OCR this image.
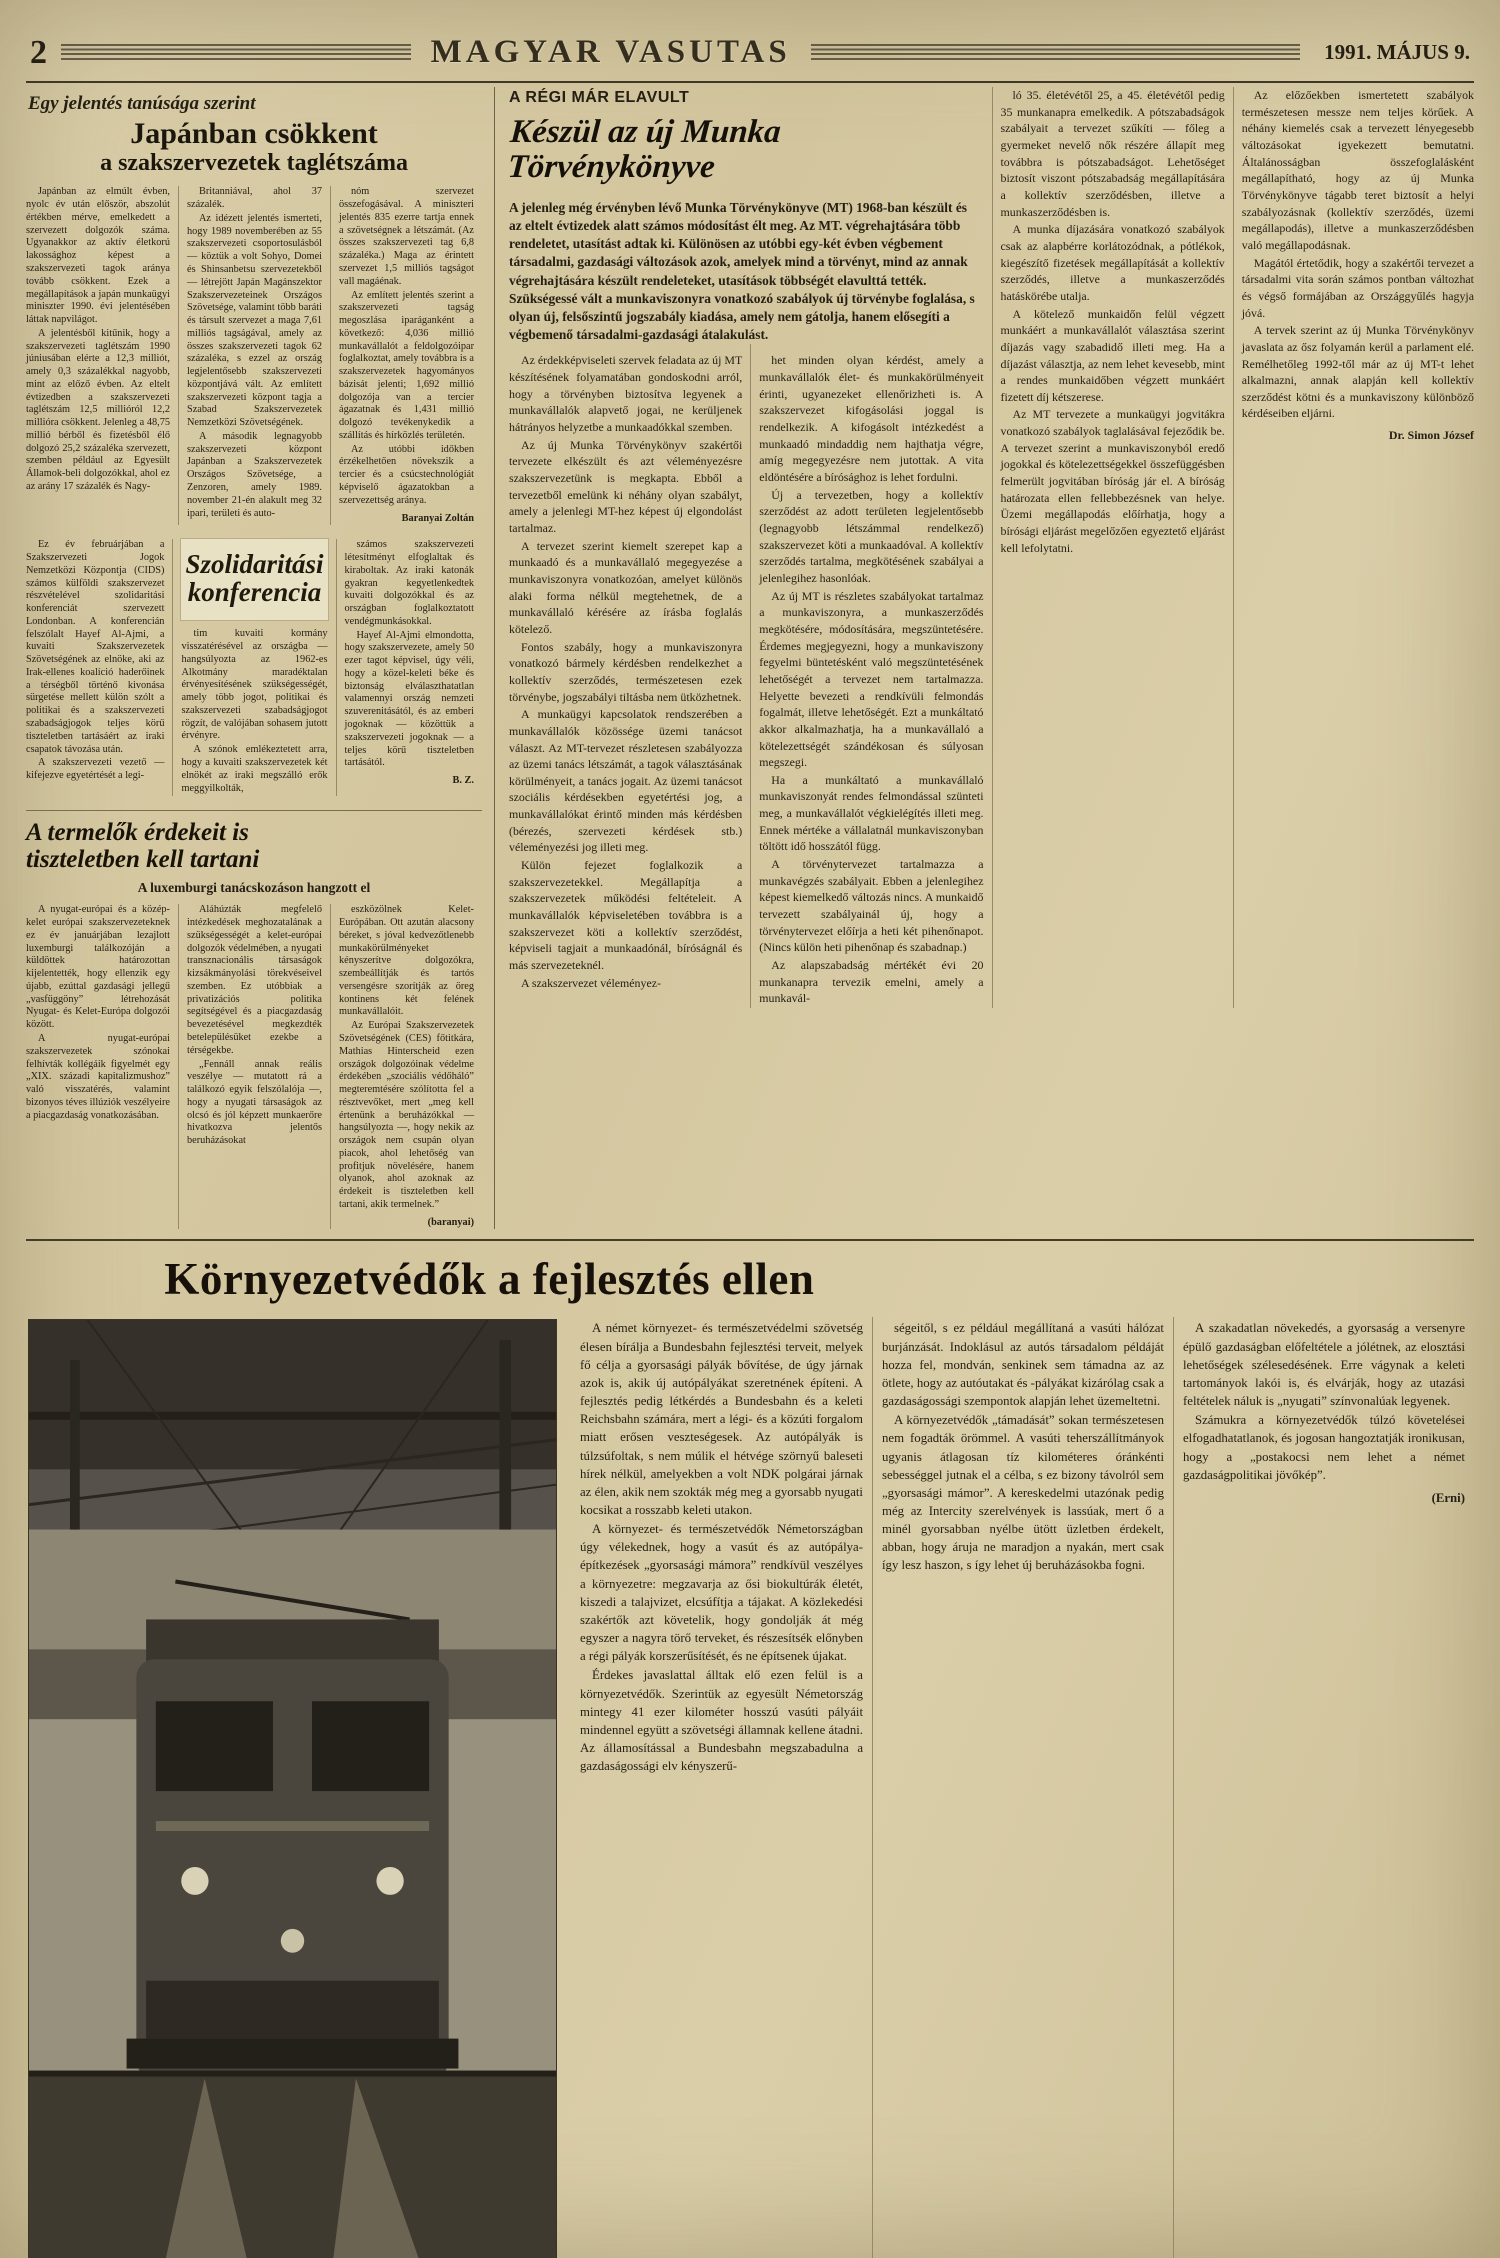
2	MAGYAR VASUTAS	1991. MÁJUS 9.
Egy jelentés tanúsága szerint
Japánban csökkent
a szakszervezetek taglétszáma

Japánban az elmúlt évben, nyolc év után először, abszolút értékben mérve, emelkedett a szervezett dolgozók száma. Ugyanakkor az aktív életkorú lakossághoz képest a szakszervezeti tagok aránya tovább csökkent. Ezek a megállapítások a japán munkaügyi miniszter 1990. évi jelentésében láttak napvilágot.

A jelentésből kitűnik, hogy a szakszervezeti taglétszám 1990 júniusában elérte a 12,3 milliót, amely 0,3 százalékkal nagyobb, mint az előző évben. Az eltelt évtizedben a szakszervezeti taglétszám 12,5 millióról 12,2 millióra csökkent. Jelenleg a 48,75 millió bérből és fizetésből élő dolgozó 25,2 százaléka szervezett, szemben például az Egyesült Államok-beli dolgozókkal, ahol ez az arány 17 százalék és Nagy-

Britanniával, ahol 37 százalék.

Az idézett jelentés ismerteti, hogy 1989 novemberében az 55 szakszervezeti csoportosulásból — köztük a volt Sohyo, Domei és Shinsanbetsu szervezetekből — létrejött Japán Magánszektor Szakszervezeteinek Országos Szövetsége, valamint több baráti és társult szervezet a maga 7,61 milliós tagságával, amely az összes szakszervezeti tagok 62 százaléka, s ezzel az ország legjelentősebb szakszervezeti központjává vált. Az említett szakszervezeti központ tagja a Szabad Szakszervezetek Nemzetközi Szövetségének.

A második legnagyobb szakszervezeti központ Japánban a Szakszervezetek Országos Szövetsége, a Zenzoren, amely 1989. november 21-én alakult meg 32 ipari, területi és auto-

nóm szervezet összefogásával. A miniszteri jelentés 835 ezerre tartja ennek a szövetségnek a létszámát. (Az összes szakszervezeti tag 6,8 százaléka.) Maga az érintett szervezet 1,5 milliós tagságot vall magáénak.

Az említett jelentés szerint a szakszervezeti tagság megoszlása iparáganként a következő: 4,036 millió munkavállalót a feldolgozóipar foglalkoztat, amely továbbra is a szakszervezetek hagyományos bázisát jelenti; 1,692 millió dolgozója van a tercier ágazatnak és 1,431 millió dolgozó tevékenykedik a szállítás és hírközlés területén.

Az utóbbi időkben érzékelhetően növekszik a tercier és a csúcstechnológiát képviselő ágazatokban a szervezettség aránya.

Baranyai Zoltán

Ez év februárjában a Szakszervezeti Jogok Nemzetközi Központja (CIDS) számos külföldi szakszervezet részvételével szolidaritási konferenciát szervezett Londonban. A konferencián felszólalt Hayef Al-Ajmi, a kuvaiti Szakszervezetek Szövetségének az elnöke, aki az Irak-ellenes koalíció haderőinek a térségből történő kivonása sürgetése mellett külön szólt a politikai és a szakszervezeti szabadságjogok teljes körű tiszteletben tartásáért az iraki csapatok távozása után.

A szakszervezeti vezető — kifejezve egyetértését a legi-

Szolidaritási
konferencia

tim kuvaiti kormány visszatérésével az országba — hangsúlyozta az 1962-es Alkotmány maradéktalan érvényesítésének szükségességét, amely több jogot, politikai és szakszervezeti szabadságjogot rögzít, de valójában sohasem jutott érvényre.

A szónok emlékeztetett arra, hogy a kuvaiti szakszervezetek két elnökét az iraki megszálló erők meggyilkolták,

számos szakszervezeti létesítményt elfoglaltak és kiraboltak. Az iraki katonák gyakran kegyetlenkedtek kuvaiti dolgozókkal és az országban foglalkoztatott vendégmunkásokkal.

Hayef Al-Ajmi elmondotta, hogy szakszervezete, amely 50 ezer tagot képvisel, úgy véli, hogy a közel-keleti béke és biztonság elválaszthatatlan valamennyi ország nemzeti szuverenitásától, és az emberi jogoknak — közöttük a szakszervezeti jogoknak — a teljes körű tiszteletben tartásától.

B. Z.
A termelők érdekeit is
tiszteletben kell tartani
A luxemburgi tanácskozáson hangzott el

A nyugat-európai és a közép-kelet európai szakszervezeteknek ez év januárjában lezajlott luxemburgi találkozóján a küldöttek határozottan kijelentették, hogy ellenzik egy újabb, ezúttal gazdasági jellegű „vasfüggöny” létrehozását Nyugat- és Kelet-Európa dolgozói között.

A nyugat-európai szakszervezetek szónokai felhívták kollégáik figyelmét egy „XIX. századi kapitalizmushoz” való visszatérés, valamint bizonyos téves illúziók veszélyeire a piacgazdaság vonatkozásában.

Aláhúzták megfelelő intézkedések meghozatalának a szükségességét a kelet-európai dolgozók védelmében, a nyugati transznacionális társaságok kizsákmányolási törekvéseivel szemben. Ez utóbbiak a privatizációs politika segítségével és a piacgazdaság bevezetésével megkezdték betelepülésüket ezekbe a térségekbe.

„Fennáll annak reális veszélye — mutatott rá a találkozó egyik felszólalója —, hogy a nyugati társaságok az olcsó és jól képzett munkaerőre hivatkozva jelentős beruházásokat

eszközölnek Kelet-Európában. Ott azután alacsony béreket, s jóval kedvezőtlenebb munkakörülményeket kényszerítve dolgozókra, szembeállítják és tartós versengésre szorítják az öreg kontinens két felének munkavállalóit.

Az Európai Szakszervezetek Szövetségének (CES) főtitkára, Mathias Hinterscheid ezen országok dolgozóinak védelme érdekében „szociális védőháló” megteremtésére szólította fel a résztvevőket, mert „meg kell értenünk a beruházókkal — hangsúlyozta —, hogy nekik az országok nem csupán olyan piacok, ahol lehetőség van profitjuk növelésére, hanem olyanok, ahol azoknak az érdekeit is tiszteletben kell tartani, akik termelnek.”

(baranyai)
A RÉGI MÁR ELAVULT
Készül az új Munka Törvénykönyve
A jelenleg még érvényben lévő Munka Törvénykönyve (MT) 1968-ban készült és az eltelt évtizedek alatt számos módosítást élt meg. Az MT. végrehajtására több rendeletet, utasítást adtak ki. Különösen az utóbbi egy-két évben végbement társadalmi, gazdasági változások azok, amelyek mind a törvényt, mind az annak végrehajtására készült rendeleteket, utasítások többségét elavulttá tették. Szükségessé vált a munkaviszonyra vonatkozó szabályok új törvénybe foglalása, s olyan új, felsőszintű jogszabály kiadása, amely nem gátolja, hanem elősegíti a végbemenő társadalmi-gazdasági átalakulást.

Az érdekképviseleti szervek feladata az új MT készítésének folyamatában gondoskodni arról, hogy a törvényben biztosítva legyenek a munkavállalók alapvető jogai, ne kerüljenek hátrányos helyzetbe a munkaadókkal szemben.

Az új Munka Törvénykönyv szakértői tervezete elkészült és azt véleményezésre szakszervezetünk is megkapta. Ebből a tervezetből emelünk ki néhány olyan szabályt, amely a jelenlegi MT-hez képest új elgondolást tartalmaz.

A tervezet szerint kiemelt szerepet kap a munkaadó és a munkavállaló megegyezése a munkaviszonyra vonatkozóan, amelyet különös alaki forma nélkül megtehetnek, de a munkavállaló kérésére az írásba foglalás kötelező.

Fontos szabály, hogy a munkaviszonyra vonatkozó bármely kérdésben rendelkezhet a kollektív szerződés, természetesen ezek törvénybe, jogszabályi tiltásba nem ütközhetnek.

A munkaügyi kapcsolatok rendszerében a munkavállalók közössége üzemi tanácsot választ. Az MT-tervezet részletesen szabályozza az üzemi tanács létszámát, a tagok választásának körülményeit, a tanács jogait. Az üzemi tanácsot szociális kérdésekben egyetértési jog, a munkavállalókat érintő minden más kérdésben (bérezés, szervezeti kérdések stb.) véleményezési jog illeti meg.

Külön fejezet foglalkozik a szakszervezetekkel. Megállapítja a szakszervezetek működési feltételeit. A munkavállalók képviseletében továbbra is a szakszervezet köti a kollektív szerződést, képviseli tagjait a munkaadónál, bíróságnál és más szervezeteknél.

A szakszervezet véleményez-

het minden olyan kérdést, amely a munkavállalók élet- és munkakörülményeit érinti, ugyanezeket ellenőrizheti is. A szakszervezet kifogásolási joggal is rendelkezik. A kifogásolt intézkedést a munkaadó mindaddig nem hajthatja végre, amíg megegyezésre nem jutottak. A vita eldöntésére a bírósághoz is lehet fordulni.

Új a tervezetben, hogy a kollektív szerződést az adott területen legjelentősebb (legnagyobb létszámmal rendelkező) szakszervezet köti a munkaadóval. A kollektív szerződés tartalma, megkötésének szabályai a jelenlegihez hasonlóak.

Az új MT is részletes szabályokat tartalmaz a munkaviszonyra, a munkaszerződés megkötésére, módosítására, megszüntetésére. Érdemes megjegyezni, hogy a munkaviszony fegyelmi büntetésként való megszüntetésének lehetőségét a tervezet nem tartalmazza. Helyette bevezeti a rendkívüli felmondás fogalmát, illetve lehetőségét. Ezt a munkáltató akkor alkalmazhatja, ha a munkavállaló a kötelezettségét szándékosan és súlyosan megszegi.

Ha a munkáltató a munkavállaló munkaviszonyát rendes felmondással szünteti meg, a munkavállalót végkielégítés illeti meg. Ennek mértéke a vállalatnál munkaviszonyban töltött idő hosszától függ.

A törvénytervezet tartalmazza a munkavégzés szabályait. Ebben a jelenlegihez képest kiemelkedő változás nincs. A munkaidő tervezett szabályainál új, hogy a törvénytervezet előírja a heti két pihenőnapot. (Nincs külön heti pihenőnap és szabadnap.)

Az alapszabadság mértékét évi 20 munkanapra tervezik emelni, amely a munkavál-

ló 35. életévétől 25, a 45. életévétől pedig 35 munkanapra emelkedik. A pótszabadságok szabályait a tervezet szűkíti — főleg a gyermeket nevelő nők részére állapít meg továbbra is pótszabadságot. Lehetőséget biztosít viszont pótszabadság megállapítására a kollektív szerződésben, illetve a munkaszerződésben is.

A munka díjazására vonatkozó szabályok csak az alapbérre korlátozódnak, a pótlékok, kiegészítő fizetések megállapítását a kollektív szerződés, illetve a munkaszerződés hatáskörébe utalja.

A kötelező munkaidőn felül végzett munkáért a munkavállalót választása szerint díjazás vagy szabadidő illeti meg. Ha a díjazást választja, az nem lehet kevesebb, mint a rendes munkaidőben végzett munkáért fizetett díj kétszerese.

Az MT tervezete a munkaügyi jogvitákra vonatkozó szabályok taglalásával fejeződik be. A tervezet szerint a munkaviszonyból eredő jogokkal és kötelezettségekkel összefüggésben felmerült jogvitában bíróság jár el. A bíróság határozata ellen fellebbezésnek van helye. Üzemi megállapodás előírhatja, hogy a bírósági eljárást megelőzően egyeztető eljárást kell lefolytatni.

Az előzőekben ismertetett szabályok természetesen messze nem teljes körűek. A néhány kiemelés csak a tervezett lényegesebb változásokat igyekezett bemutatni. Általánosságban összefoglalásként megállapítható, hogy az új Munka Törvénykönyve tágabb teret biztosít a helyi szabályozásnak (kollektív szerződés, üzemi megállapodás), illetve a munkaszerződésben való megállapodásnak.

Magától értetődik, hogy a szakértői tervezet a társadalmi vita során számos pontban változhat és végső formájában az Országgyűlés hagyja jóvá.

A tervek szerint az új Munka Törvénykönyv javaslata az ősz folyamán kerül a parlament elé. Remélhetőleg 1992-től már az új MT-t lehet alkalmazni, annak alapján kell kollektív szerződést kötni és a munkaviszony különböző kérdéseiben eljárni.

Dr. Simon József
Környezetvédők a fejlesztés ellen

A német környezet- és természetvédelmi szövetség élesen bírálja a Bundesbahn fejlesztési terveit, melyek fő célja a gyorsasági pályák bővítése, de úgy járnak azok is, akik új autópályákat szeretnének építeni. A fejlesztés pedig létkérdés a Bundesbahn és a keleti Reichsbahn számára, mert a légi- és a közúti forgalom miatt erősen veszteségesek. Az autópályák is túlzsúfoltak, s nem múlik el hétvége szörnyű baleseti hírek nélkül, amelyekben a volt NDK polgárai járnak az élen, akik nem szokták még meg a gyorsabb nyugati kocsikat a rosszabb keleti utakon.

A környezet- és természetvédők Németországban úgy vélekednek, hogy a vasút és az autópálya-építkezések „gyorsasági mámora” rendkívül veszélyes a környezetre: megzavarja az ősi biokultúrák életét, kiszedi a talajvizet, elcsúfítja a tájakat. A közlekedési szakértők azt követelik, hogy gondolják át még egyszer a nagyra törő terveket, és részesítsék előnyben a régi pályák korszerűsítését, és ne építsenek újakat.

Érdekes javaslattal álltak elő ezen felül is a környezetvédők. Szerintük az egyesült Németország mintegy 41 ezer kilométer hosszú vasúti pályáit mindennel együtt a szövetségi államnak kellene átadni. Az államosítással a Bundesbahn megszabadulna a gazdaságossági elv kényszerű-

ségeitől, s ez például megállítaná a vasúti hálózat burjánzását. Indoklásul az autós társadalom példáját hozza fel, mondván, senkinek sem támadna az az ötlete, hogy az autóutakat és -pályákat kizárólag csak a gazdaságossági szempontok alapján lehet üzemeltetni.

A környezetvédők „támadását” sokan természetesen nem fogadták örömmel. A vasúti teherszállítmányok ugyanis átlagosan tíz kilométeres óránkénti sebességgel jutnak el a célba, s ez bizony távolról sem „gyorsasági mámor”. A kereskedelmi utazónak pedig még az Intercity szerelvények is lassúak, mert ő a minél gyorsabban nyélbe ütött üzletben érdekelt, abban, hogy áruja ne maradjon a nyakán, mert csak így lesz haszon, s így lehet új beruházásokba fogni.

A szakadatlan növekedés, a gyorsaság a versenyre épülő gazdaságban előfeltétele a jólétnek, az elosztási lehetőségek szélesedésének. Erre vágynak a keleti tartományok lakói is, és elvárják, hogy az utazási feltételek náluk is „nyugati” színvonalúak legyenek.

Számukra a környezetvédők túlzó követelései elfogadhatatlanok, és jogosan hangoztatják ironikusan, hogy a „postakocsi nem lehet a német gazdaságpolitikai jövőkép”.

(Erni)
